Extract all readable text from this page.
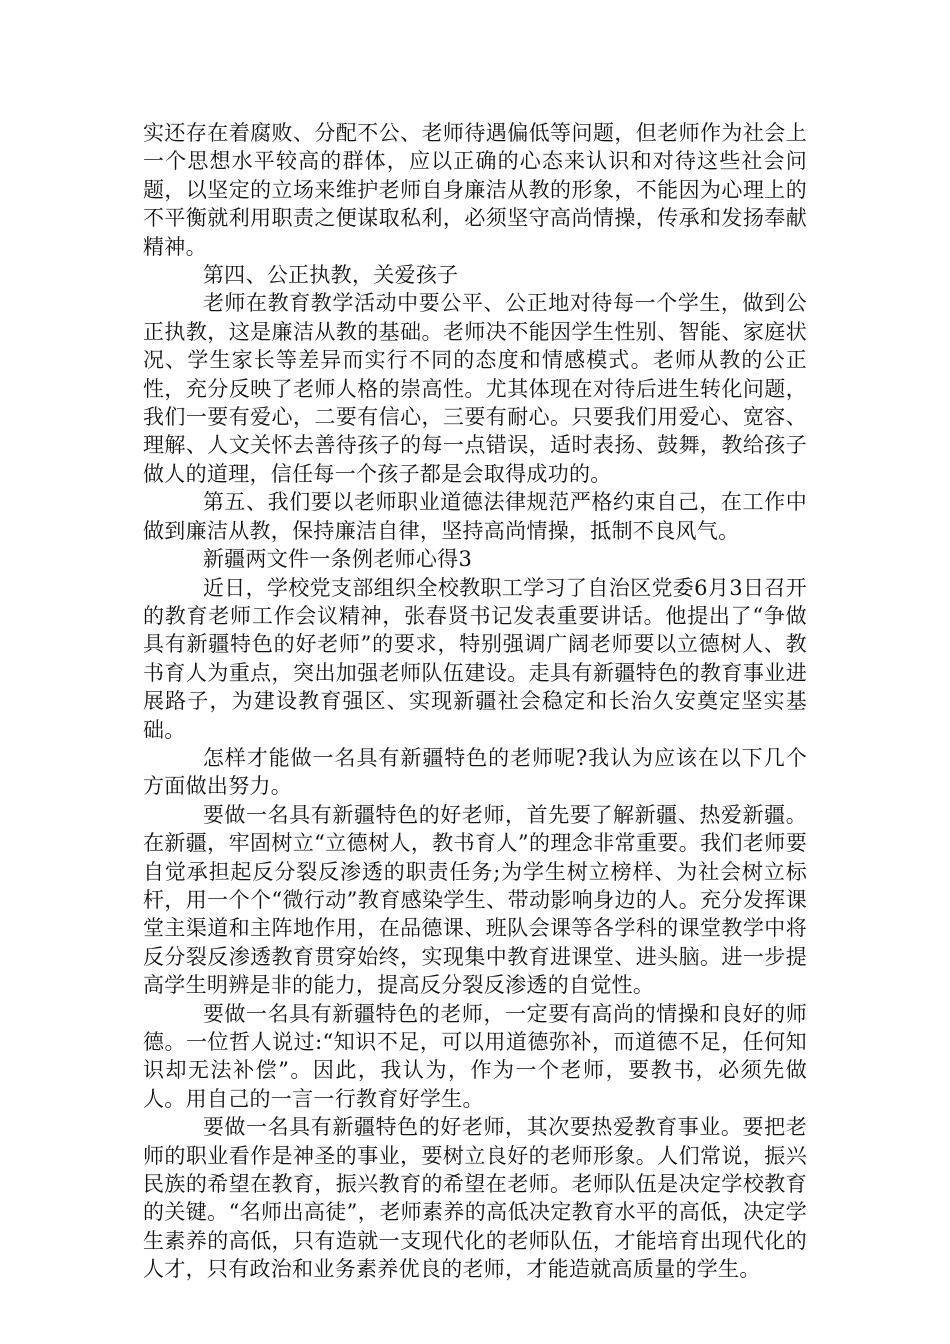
实还存在着腐败、分配不公、老师待遇偏低等问题，但老师作为社会上一个思想水平较高的群体，应以正确的心态来认识和对待这些社会问题，以坚定的立场来维护老师自身廉洁从教的形象，不能因为心理上的不平衡就利用职责之便谋取私利，必须坚守高尚情操，传承和发扬奉献精神。

第四、公正执教，关爱孩子

老师在教育教学活动中要公平、公正地对待每一个学生，做到公正执教，这是廉洁从教的基础。老师决不能因学生性别、智能、家庭状况、学生家长等差异而实行不同的态度和情感模式。老师从教的公正性，充分反映了老师人格的崇高性。尤其体现在对待后进生转化问题，我们一要有爱心，二要有信心，三要有耐心。只要我们用爱心、宽容、理解、人文关怀去善待孩子的每一点错误，适时表扬、鼓舞，教给孩子做人的道理，信任每一个孩子都是会取得成功的。

第五、我们要以老师职业道德法律规范严格约束自己，在工作中做到廉洁从教，保持廉洁自律，坚持高尚情操，抵制不良风气。

新疆两文件一条例老师心得3

近日，学校党支部组织全校教职工学习了自治区党委6月3日召开的教育老师工作会议精神，张春贤书记发表重要讲话。他提出了“争做具有新疆特色的好老师”的要求，特别强调广阔老师要以立德树人、教书育人为重点，突出加强老师队伍建设。走具有新疆特色的教育事业进展路子，为建设教育强区、实现新疆社会稳定和长治久安奠定坚实基础。

怎样才能做一名具有新疆特色的老师呢?我认为应该在以下几个方面做出努力。

要做一名具有新疆特色的好老师，首先要了解新疆、热爱新疆。在新疆，牢固树立“立德树人，教书育人”的理念非常重要。我们老师要自觉承担起反分裂反渗透的职责任务;为学生树立榜样、为社会树立标杆，用一个个“微行动”教育感染学生、带动影响身边的人。充分发挥课堂主渠道和主阵地作用，在品德课、班队会课等各学科的课堂教学中将反分裂反渗透教育贯穿始终，实现集中教育进课堂、进头脑。进一步提高学生明辨是非的能力，提高反分裂反渗透的自觉性。

要做一名具有新疆特色的老师，一定要有高尚的情操和良好的师德。一位哲人说过:“知识不足，可以用道德弥补，而道德不足，任何知识却无法补偿”。因此，我认为，作为一个老师，要教书，必须先做人。用自己的一言一行教育好学生。

要做一名具有新疆特色的好老师，其次要热爱教育事业。要把老师的职业看作是神圣的事业，要树立良好的老师形象。人们常说，振兴民族的希望在教育，振兴教育的希望在老师。老师队伍是决定学校教育的关键。“名师出高徒”，老师素养的高低决定教育水平的高低，决定学生素养的高低，只有造就一支现代化的老师队伍，才能培育出现代化的人才，只有政治和业务素养优良的老师，才能造就高质量的学生。
